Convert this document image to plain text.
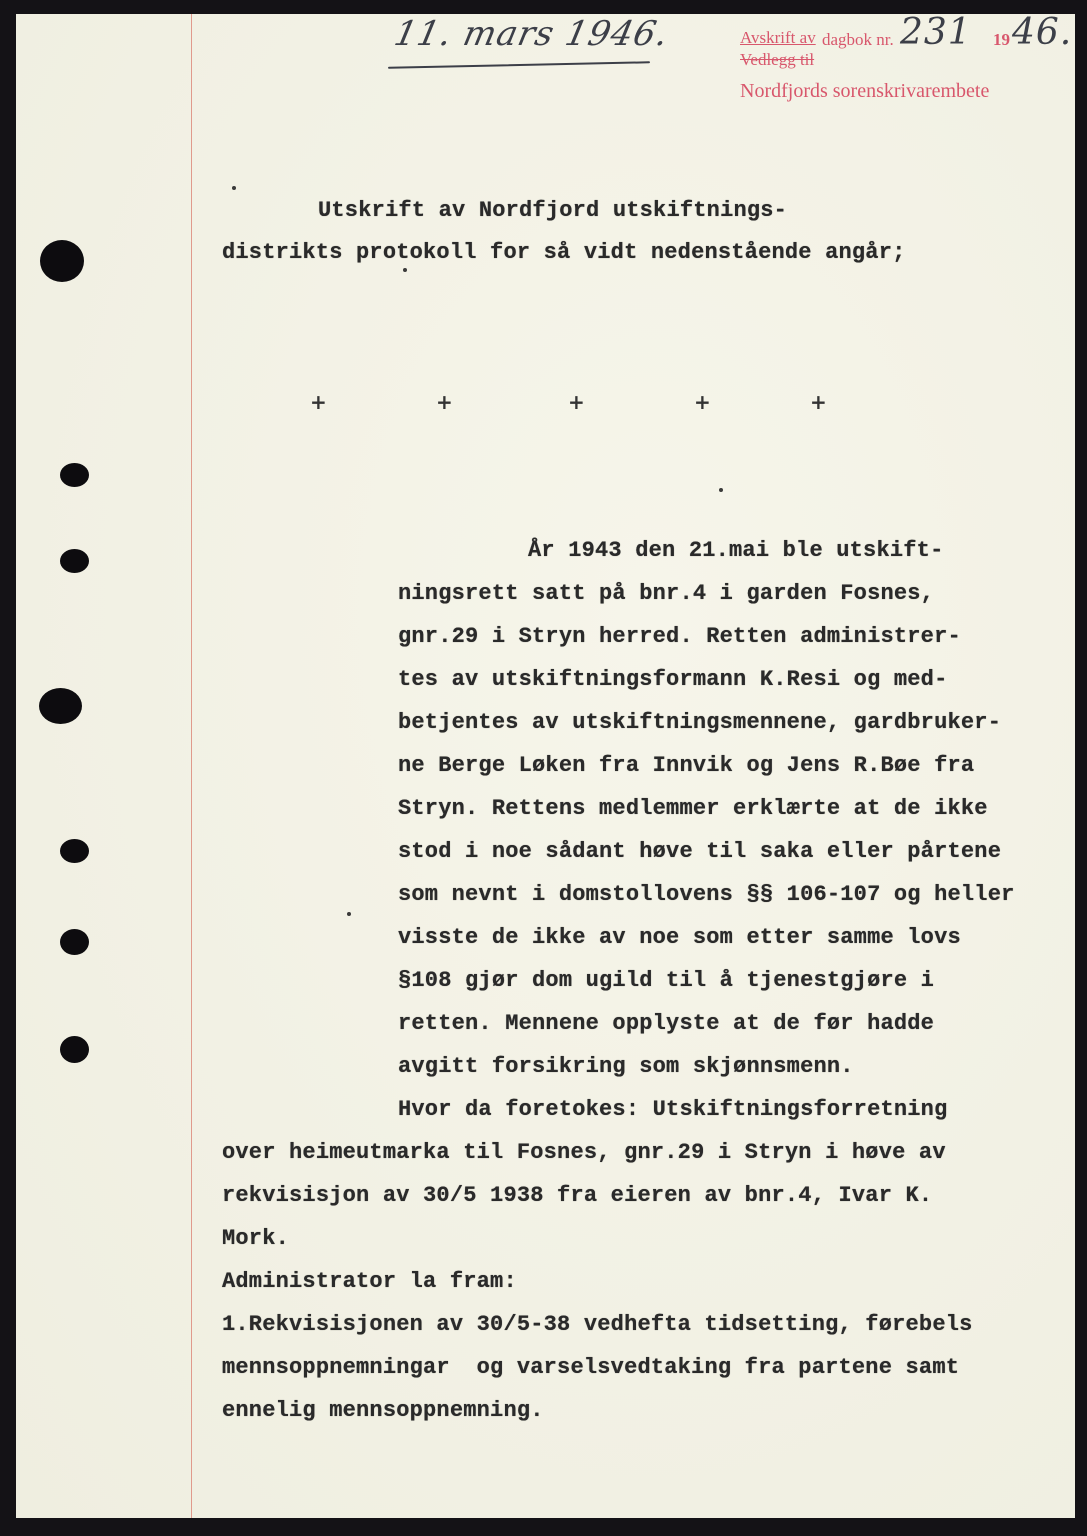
11. mars 1946.	Avskrift av
Vedlegg til
dagbok nr. 231 19 46.
Nordfjords sorenskrivarembete
Utskrift av Nordfjord utskiftnings-
distrikts protokoll for så vidt nedenstående angår;
+	+	+	+	+
År 1943 den 21.mai ble utskift-
ningsrett satt på bnr.4 i garden Fosnes,
gnr.29 i Stryn herred. Retten administrer-
tes av utskiftningsformann K.Resi og med-
betjentes av utskiftningsmennene, gardbruker-
ne Berge Løken fra Innvik og Jens R.Bøe fra
Stryn. Rettens medlemmer erklærte at de ikke
stod i noe sådant høve til saka eller pårtene
som nevnt i domstollovens §§ 106-107 og heller
visste de ikke av noe som etter samme lovs
§108 gjør dom ugild til å tjenestgjøre i
retten. Mennene opplyste at de før hadde
avgitt forsikring som skjønnsmenn.
Hvor da foretokes: Utskiftningsforretning
over heimeutmarka til Fosnes, gnr.29 i Stryn i høve av
rekvisisjon av 30/5 1938 fra eieren av bnr.4, Ivar K.
Mork.
Administrator la fram:
1.Rekvisisjonen av 30/5-38 vedhefta tidsetting, førebels
mennsoppnemningar  og varselsvedtaking fra partene samt
ennelig mennsoppnemning.
